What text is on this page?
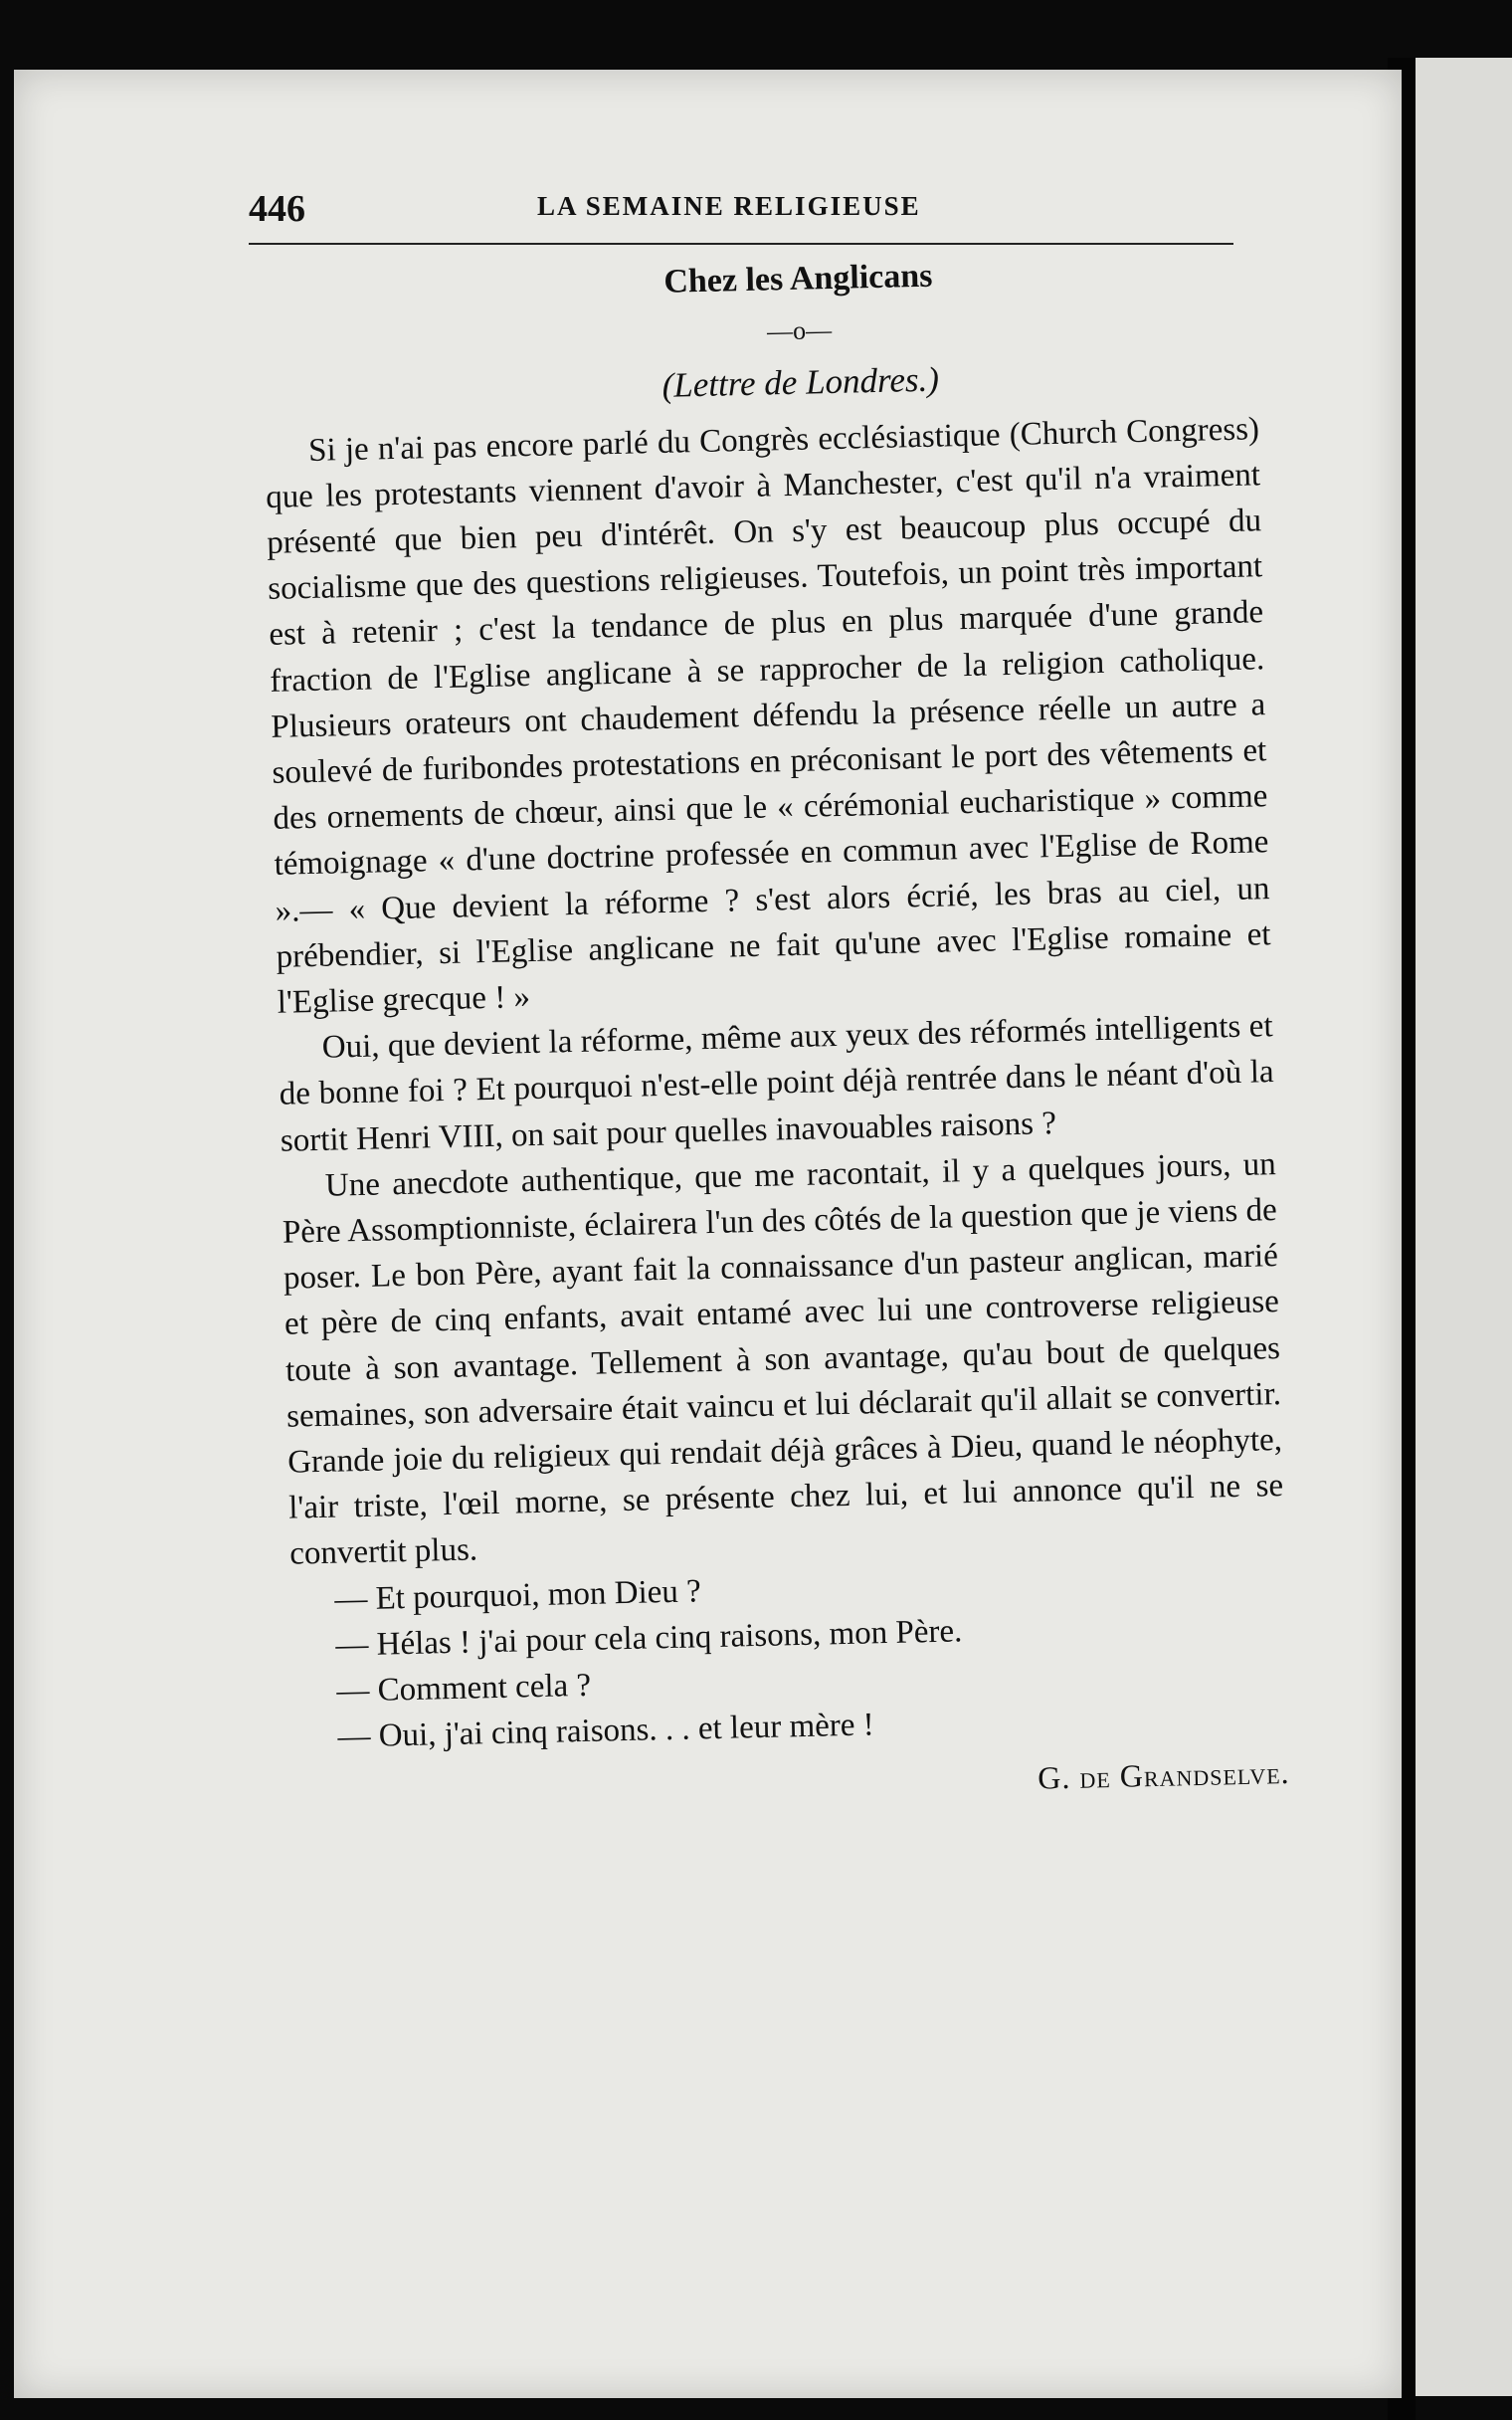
446	LA SEMAINE RELIGIEUSE
Chez les Anglicans
—o—
(Lettre de Londres.)

Si je n'ai pas encore parlé du Congrès ecclésiastique (Church Congress) que les protestants viennent d'avoir à Manchester, c'est qu'il n'a vraiment présenté que bien peu d'intérêt. On s'y est beaucoup plus occupé du socialisme que des questions religieuses. Toutefois, un point très important est à retenir ; c'est la tendance de plus en plus marquée d'une grande fraction de l'Eglise anglicane à se rapprocher de la religion catholique. Plusieurs orateurs ont chaudement défendu la présence réelle un autre a soulevé de furibondes protestations en préconisant le port des vêtements et des ornements de chœur, ainsi que le « cérémonial eucharistique » comme témoignage « d'une doctrine professée en commun avec l'Eglise de Rome ».— « Que devient la réforme ? s'est alors écrié, les bras au ciel, un prébendier, si l'Eglise anglicane ne fait qu'une avec l'Eglise romaine et l'Eglise grecque ! »

Oui, que devient la réforme, même aux yeux des réformés intelligents et de bonne foi ? Et pourquoi n'est-elle point déjà rentrée dans le néant d'où la sortit Henri VIII, on sait pour quelles inavouables raisons ?

Une anecdote authentique, que me racontait, il y a quelques jours, un Père Assomptionniste, éclairera l'un des côtés de la question que je viens de poser. Le bon Père, ayant fait la connaissance d'un pasteur anglican, marié et père de cinq enfants, avait entamé avec lui une controverse religieuse toute à son avantage. Tellement à son avantage, qu'au bout de quelques semaines, son adversaire était vaincu et lui déclarait qu'il allait se convertir. Grande joie du religieux qui rendait déjà grâces à Dieu, quand le néophyte, l'air triste, l'œil morne, se présente chez lui, et lui annonce qu'il ne se convertit plus.

— Et pourquoi, mon Dieu ?

— Hélas ! j'ai pour cela cinq raisons, mon Père.

— Comment cela ?

— Oui, j'ai cinq raisons. . . et leur mère !

G. de Grandselve.
